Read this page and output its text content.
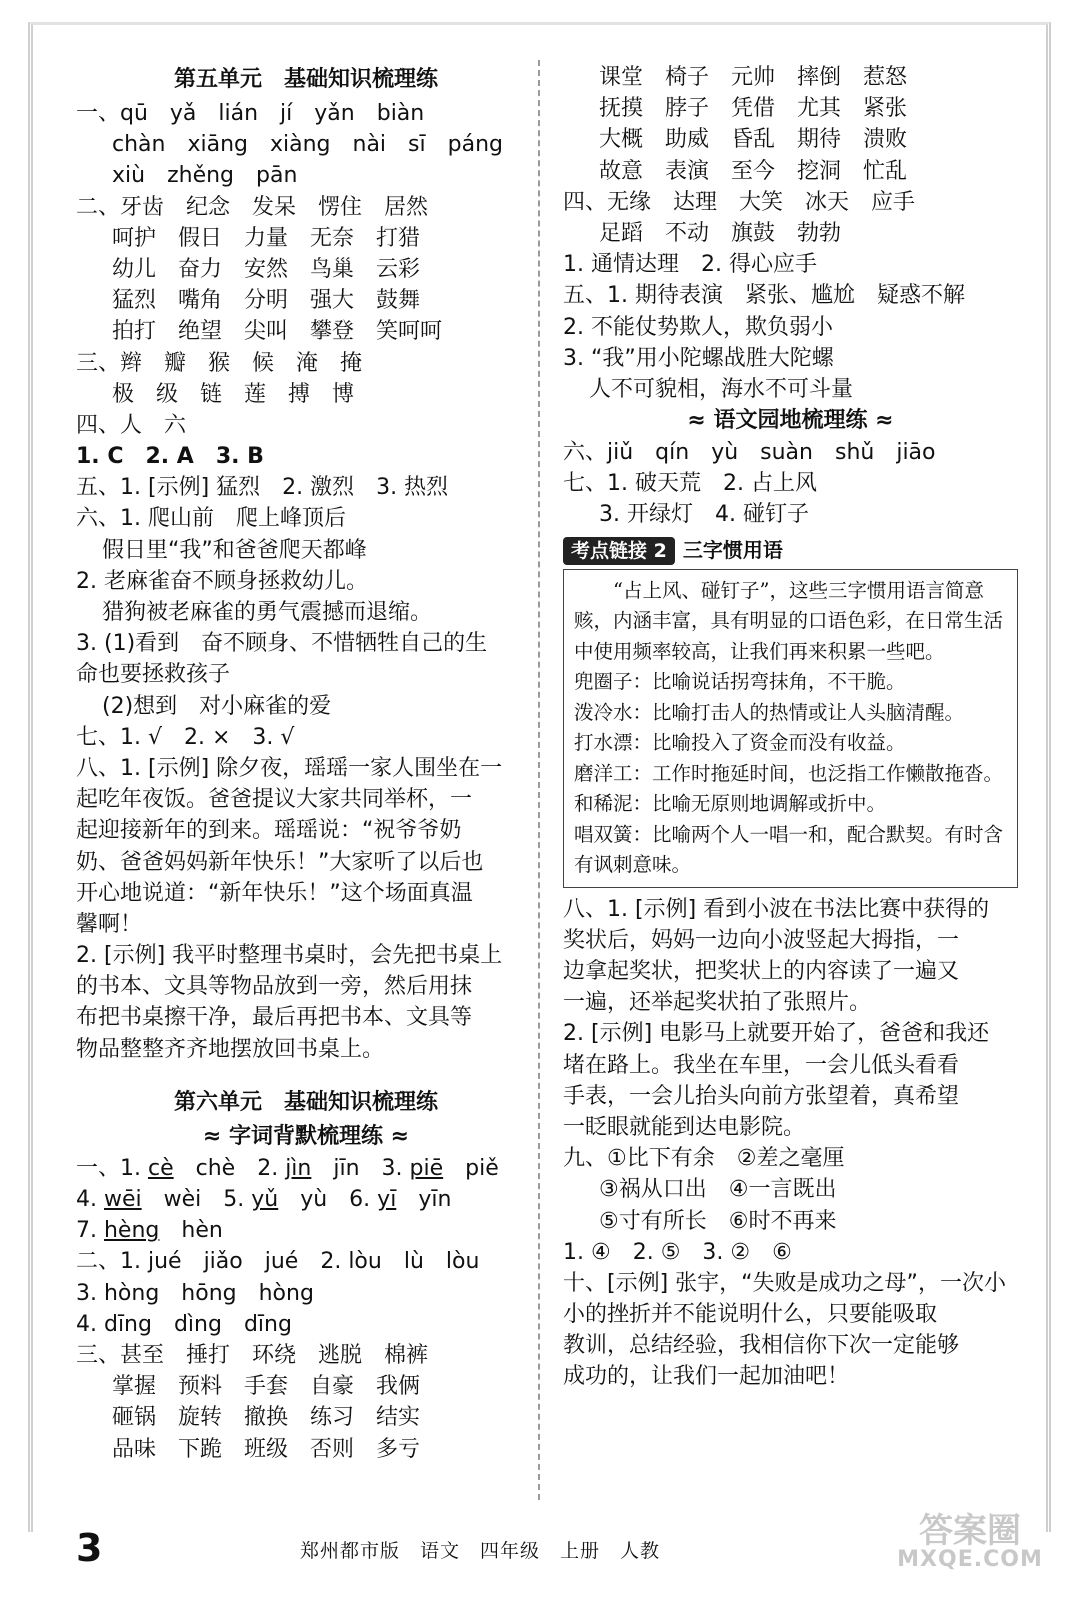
第五单元　基础知识梳理练
一、qū　yǎ　lián　jí　yǎn　biàn
chàn　xiāng　xiàng　nài　sī　páng
xiù　zhěng　pān
二、牙齿　纪念　发呆　愣住　居然
呵护　假日　力量　无奈　打猎
幼儿　奋力　安然　鸟巢　云彩
猛烈　嘴角　分明　强大　鼓舞
拍打　绝望　尖叫　攀登　笑呵呵
三、辫　瓣　猴　候　淹　掩
极　级　链　莲　搏　博
四、人　六
1. C　2. A　3. B
五、1. [示例] 猛烈　2. 激烈　3. 热烈
六、1. 爬山前　爬上峰顶后
假日里“我”和爸爸爬天都峰
2. 老麻雀奋不顾身拯救幼儿。
猎狗被老麻雀的勇气震撼而退缩。
3. (1)看到　奋不顾身、不惜牺牲自己的生
命也要拯救孩子
(2)想到　对小麻雀的爱
七、1. √　2. ×　3. √
八、1. [示例] 除夕夜，瑶瑶一家人围坐在一
起吃年夜饭。爸爸提议大家共同举杯，一
起迎接新年的到来。瑶瑶说：“祝爷爷奶
奶、爸爸妈妈新年快乐！”大家听了以后也
开心地说道：“新年快乐！”这个场面真温
馨啊！
2. [示例] 我平时整理书桌时，会先把书桌上
的书本、文具等物品放到一旁，然后用抹
布把书桌擦干净，最后再把书本、文具等
物品整整齐齐地摆放回书桌上。
第六单元　基础知识梳理练
≈ 字词背默梳理练 ≈
一、1. cè　chè　2. jìn　jīn　3. piē　piě
4. wēi　wèi　5. yǔ　yù　6. yī　yīn
7. hèng　hèn
二、1. jué　jiǎo　jué　2. lòu　lù　lòu
3. hòng　hōng　hòng
4. dīng　dìng　dīng
三、甚至　捶打　环绕　逃脱　棉裤
掌握　预料　手套　自豪　我俩
砸锅　旋转　撤换　练习　结实
品味　下跪　班级　否则　多亏
课堂　椅子　元帅　摔倒　惹怒
抚摸　脖子　凭借　尤其　紧张
大概　助威　昏乱　期待　溃败
故意　表演　至今　挖洞　忙乱
四、无缘　达理　大笑　冰天　应手
足蹈　不动　旗鼓　勃勃
1. 通情达理　2. 得心应手
五、1. 期待表演　紧张、尴尬　疑惑不解
2. 不能仗势欺人，欺负弱小
3. “我”用小陀螺战胜大陀螺
人不可貌相，海水不可斗量
≈ 语文园地梳理练 ≈
六、jiǔ　qín　yù　suàn　shǔ　jiāo
七、1. 破天荒　2. 占上风
3. 开绿灯　4. 碰钉子
考点链接 2 三字惯用语
“占上风、碰钉子”，这些三字惯用语言简意赅，内涵丰富，具有明显的口语色彩，在日常生活中使用频率较高，让我们再来积累一些吧。
兜圈子：比喻说话拐弯抹角，不干脆。
泼冷水：比喻打击人的热情或让人头脑清醒。
打水漂：比喻投入了资金而没有收益。
磨洋工：工作时拖延时间，也泛指工作懒散拖沓。
和稀泥：比喻无原则地调解或折中。
唱双簧：比喻两个人一唱一和，配合默契。有时含有讽刺意味。
八、1. [示例] 看到小波在书法比赛中获得的
奖状后，妈妈一边向小波竖起大拇指，一
边拿起奖状，把奖状上的内容读了一遍又
一遍，还举起奖状拍了张照片。
2. [示例] 电影马上就要开始了，爸爸和我还
堵在路上。我坐在车里，一会儿低头看看
手表，一会儿抬头向前方张望着，真希望
一眨眼就能到达电影院。
九、①比下有余　②差之毫厘
③祸从口出　④一言既出
⑤寸有所长　⑥时不再来
1. ④　2. ⑤　3. ②　⑥
十、[示例] 张宇，“失败是成功之母”，一次小
小的挫折并不能说明什么，只要能吸取
教训，总结经验，我相信你下次一定能够
成功的，让我们一起加油吧！
3	郑州都市版　语文　四年级　上册　人教	答案圈
MXQE.COM
